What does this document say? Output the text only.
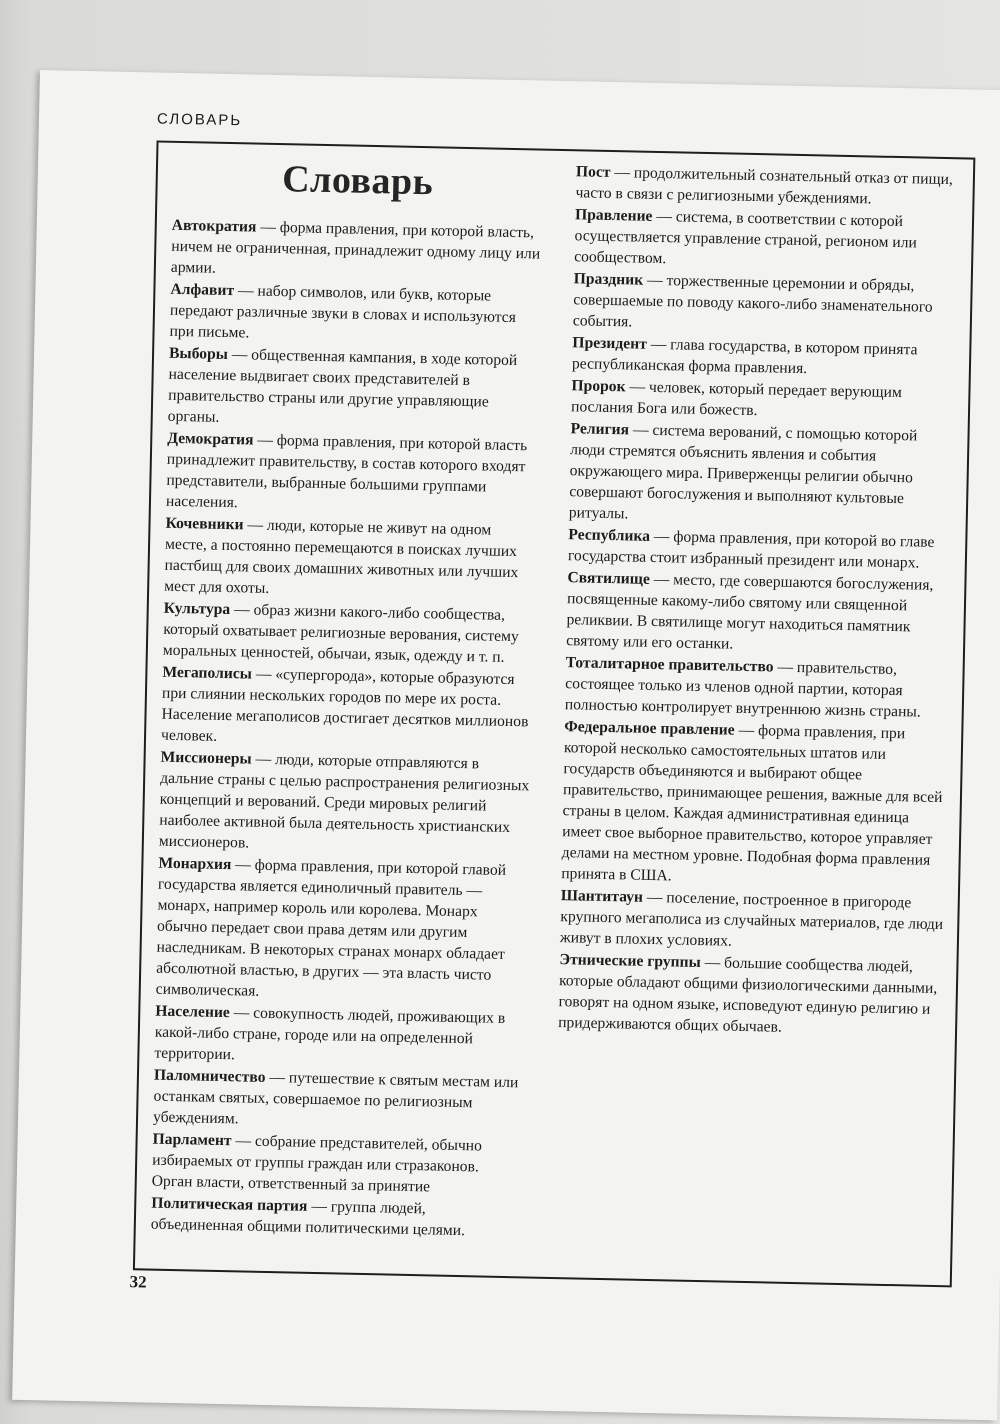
СЛОВАРЬ
Словарь
Автократия — форма правления, при которой власть, ничем не ограниченная, принадлежит одному лицу или армии.
Алфавит — набор символов, или букв, которые передают различные звуки в словах и используются при письме.
Выборы — общественная кампания, в ходе которой население выдвигает своих представителей в правительство страны или другие управляющие органы.
Демократия — форма правления, при которой власть принадлежит правительству, в состав которого входят представители, выбранные большими группами населения.
Кочевники — люди, которые не живут на одном месте, а постоянно перемещаются в поисках лучших пастбищ для своих домашних животных или лучших мест для охоты.
Культура — образ жизни какого-либо сообщества, который охватывает религиозные верования, систему моральных ценностей, обычаи, язык, одежду и т. п.
Мегаполисы — «супергорода», которые образуются при слиянии нескольких городов по мере их роста. Население мегаполисов достигает десятков миллионов человек.
Миссионеры — люди, которые отправляются в дальние страны с целью распространения религиозных концепций и верований. Среди мировых религий наиболее активной была деятельность христианских миссионеров.
Монархия — форма правления, при которой главой государства является единоличный правитель — монарх, например король или королева. Монарх обычно передает свои права детям или другим наследникам. В некоторых странах монарх обладает абсолютной властью, в других — эта власть чисто символическая.
Население — совокупность людей, проживающих в какой-либо стране, городе или на определенной территории.
Паломничество — путешествие к святым местам или останкам святых, совершаемое по религиозным убеждениям.
Парламент — собрание представителей, обычно избираемых от группы граждан или стразаконов. Орган власти, ответственный за принятие
Политическая партия — группа людей, объединенная общими политическими целями.
Пост — продолжительный сознательный отказ от пищи, часто в связи с религиозными убеждениями.
Правление — система, в соответствии с которой осуществляется управление страной, регионом или сообществом.
Праздник — торжественные церемонии и обряды, совершаемые по поводу какого-либо знаменательного события.
Президент — глава государства, в котором принята республиканская форма правления.
Пророк — человек, который передает верующим послания Бога или божеств.
Религия — система верований, с помощью которой люди стремятся объяснить явления и события окружающего мира. Приверженцы религии обычно совершают богослужения и выполняют культовые ритуалы.
Республика — форма правления, при которой во главе государства стоит избранный президент или монарх.
Святилище — место, где совершаются богослужения, посвященные какому-либо святому или священной реликвии. В святилище могут находиться памятник святому или его останки.
Тоталитарное правительство — правительство, состоящее только из членов одной партии, которая полностью контролирует внутреннюю жизнь страны.
Федеральное правление — форма правления, при которой несколько самостоятельных штатов или государств объединяются и выбирают общее правительство, принимающее решения, важные для всей страны в целом. Каждая административная единица имеет свое выборное правительство, которое управляет делами на местном уровне. Подобная форма правления принята в США.
Шантитаун — поселение, построенное в пригороде крупного мегаполиса из случайных материалов, где люди живут в плохих условиях.
Этнические группы — большие сообщества людей, которые обладают общими физиологическими данными, говорят на одном языке, исповедуют единую религию и придерживаются общих обычаев.
32
